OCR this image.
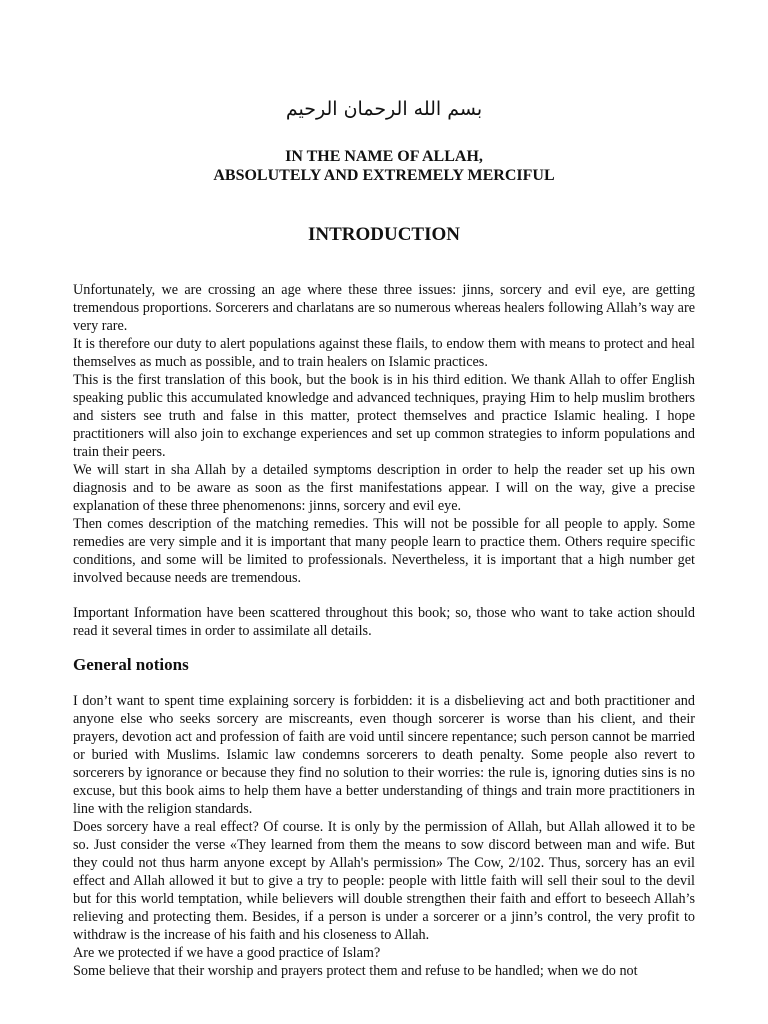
بسم الله الرحمان الرحيم
IN THE NAME OF ALLAH,
ABSOLUTELY AND EXTREMELY MERCIFUL
INTRODUCTION

Unfortunately, we are crossing an age where these three issues: jinns, sorcery and evil eye, are getting tremendous proportions. Sorcerers and charlatans are so numerous whereas healers following Allah’s way are very rare.

It is therefore our duty to alert populations against these flails, to endow them with means to protect and heal themselves as much as possible, and to train healers on Islamic practices.

This is the first translation of this book, but the book is in his third edition. We thank Allah to offer English speaking public this accumulated knowledge and advanced techniques, praying Him to help muslim brothers and sisters see truth and false in this matter, protect themselves and practice Islamic healing. I hope practitioners will also join to exchange experiences and set up common strategies to inform populations and train their peers.

We will start in sha Allah by a detailed symptoms description in order to help the reader set up his own diagnosis and to be aware as soon as the first manifestations appear. I will on the way, give a precise explanation of these three phenomenons: jinns, sorcery and evil eye.

Then comes description of the matching remedies. This will not be possible for all people to apply. Some remedies are very simple and it is important that many people learn to practice them. Others require specific conditions, and some will be limited to professionals. Nevertheless, it is important that a high number get involved because needs are tremendous.

Important Information have been scattered throughout this book; so, those who want to take action should read it several times in order to assimilate all details.

General notions

I don’t want to spent time explaining sorcery is forbidden: it is a disbelieving act and both practitioner and anyone else who seeks sorcery are miscreants, even though sorcerer is worse than his client, and their prayers, devotion act and profession of faith are void until sincere repentance; such person cannot be married or buried with Muslims. Islamic law condemns sorcerers to death penalty. Some people also revert to sorcerers by ignorance or because they find no solution to their worries: the rule is, ignoring duties sins is no excuse, but this book aims to help them have a better understanding of things and train more practitioners in line with the religion standards.

Does sorcery have a real effect? Of course. It is only by the permission of Allah, but Allah allowed it to be so. Just consider the verse «They learned from them the means to sow discord between man and wife. But they could not thus harm anyone except by Allah's permission» The Cow, 2/102. Thus, sorcery has an evil effect and Allah allowed it but to give a try to people: people with little faith will sell their soul to the devil but for this world temptation, while believers will double strengthen their faith and effort to beseech Allah’s relieving and protecting them. Besides, if a person is under a sorcerer or a jinn’s control, the very profit to withdraw is the increase of his faith and his closeness to Allah.

Are we protected if we have a good practice of Islam?

Some believe that their worship and prayers protect them and refuse to be handled; when we do not
